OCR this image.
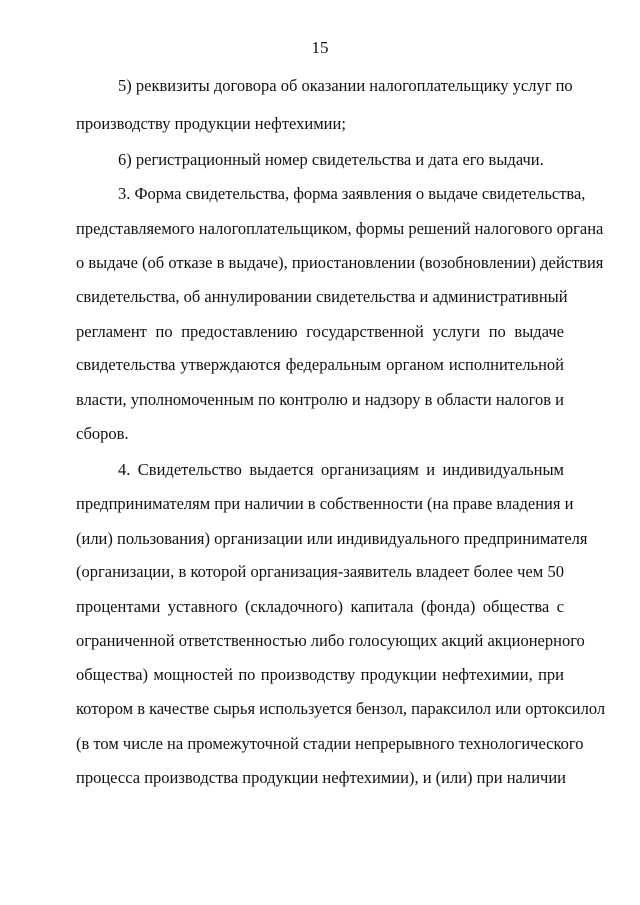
15
5) реквизиты договора об оказании налогоплательщику услуг по
производству продукции нефтехимии;
6) регистрационный номер свидетельства и дата его выдачи.
3. Форма свидетельства, форма заявления о выдаче свидетельства,
представляемого налогоплательщиком, формы решений налогового органа
о выдаче (об отказе в выдаче), приостановлении (возобновлении) действия
свидетельства, об аннулировании свидетельства и административный
регламент по предоставлению государственной услуги по выдаче
свидетельства утверждаются федеральным органом исполнительной
власти, уполномоченным по контролю и надзору в области налогов и
сборов.
4. Свидетельство выдается организациям и индивидуальным
предпринимателям при наличии в собственности (на праве владения и
(или) пользования) организации или индивидуального предпринимателя
(организации, в которой организация-заявитель владеет более чем 50
процентами уставного (складочного) капитала (фонда) общества с
ограниченной ответственностью либо голосующих акций акционерного
общества) мощностей по производству продукции нефтехимии, при
котором в качестве сырья используется бензол, параксилол или ортоксилол
(в том числе на промежуточной стадии непрерывного технологического
процесса производства продукции нефтехимии), и (или) при наличии
